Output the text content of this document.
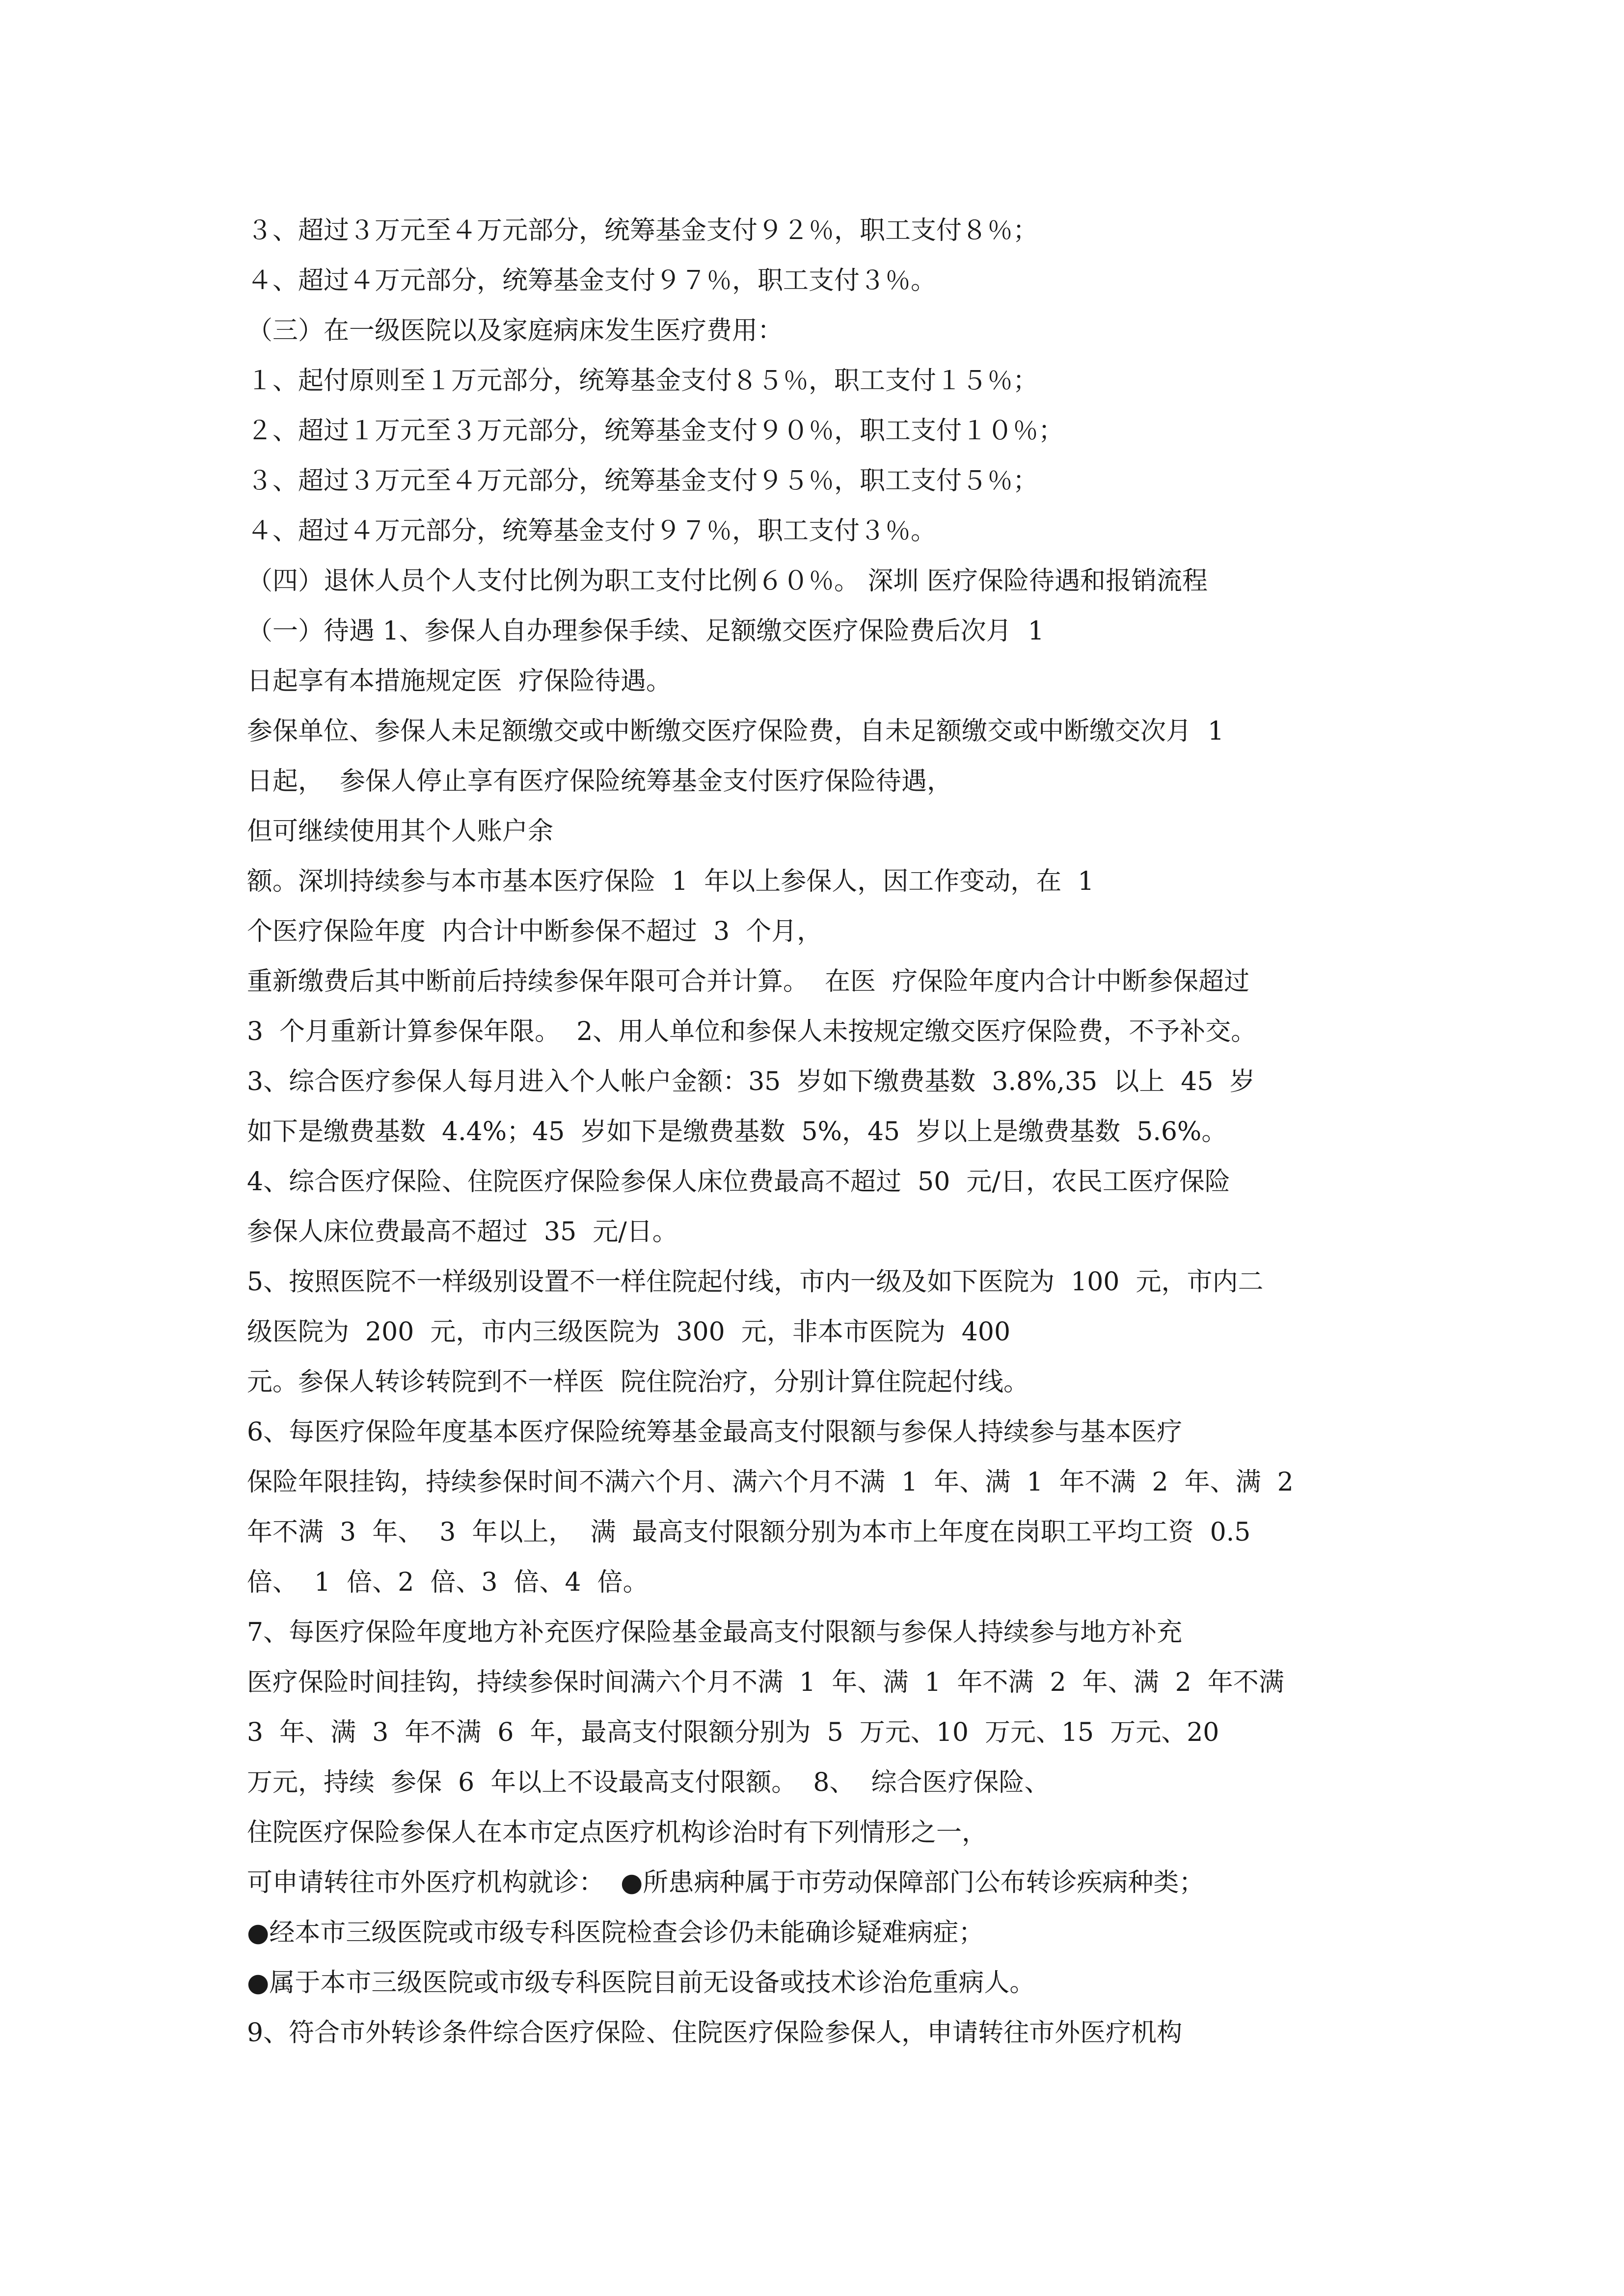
３、超过３万元至４万元部分，统筹基金支付９２％，职工支付８％；
４、超过４万元部分，统筹基金支付９７％，职工支付３％。
（三）在一级医院以及家庭病床发生医疗费用：
１、起付原则至１万元部分，统筹基金支付８５％，职工支付１５％；
２、超过１万元至３万元部分，统筹基金支付９０％，职工支付１０％；
３、超过３万元至４万元部分，统筹基金支付９５％，职工支付５％；
４、超过４万元部分，统筹基金支付９７％，职工支付３％。
（四）退休人员个人支付比例为职工支付比例６０％。 深圳 医疗保险待遇和报销流程
（一）待遇 1、参保人自办理参保手续、足额缴交医疗保险费后次月  1
日起享有本措施规定医  疗保险待遇。
参保单位、参保人未足额缴交或中断缴交医疗保险费，自未足额缴交或中断缴交次月  1
日起，  参保人停止享有医疗保险统筹基金支付医疗保险待遇，
但可继续使用其个人账户余
额。深圳持续参与本市基本医疗保险  1  年以上参保人，因工作变动，在  1
个医疗保险年度  内合计中断参保不超过  3  个月，
重新缴费后其中断前后持续参保年限可合并计算。  在医  疗保险年度内合计中断参保超过
3  个月重新计算参保年限。  2、用人单位和参保人未按规定缴交医疗保险费，不予补交。
3、综合医疗参保人每月进入个人帐户金额：35  岁如下缴费基数  3.8%,35  以上  45  岁
如下是缴费基数  4.4%；45  岁如下是缴费基数  5%，45  岁以上是缴费基数  5.6%。
4、综合医疗保险、住院医疗保险参保人床位费最高不超过  50  元/日，农民工医疗保险
参保人床位费最高不超过  35  元/日。
5、按照医院不一样级别设置不一样住院起付线，市内一级及如下医院为  100  元，市内二
级医院为  200  元，市内三级医院为  300  元，非本市医院为  400
元。参保人转诊转院到不一样医  院住院治疗，分别计算住院起付线。
6、每医疗保险年度基本医疗保险统筹基金最高支付限额与参保人持续参与基本医疗
保险年限挂钩，持续参保时间不满六个月、满六个月不满  1  年、满  1  年不满  2  年、满  2
年不满  3  年、  3  年以上，  满  最高支付限额分别为本市上年度在岗职工平均工资  0.5
倍、  1  倍、2  倍、3  倍、4  倍。
7、每医疗保险年度地方补充医疗保险基金最高支付限额与参保人持续参与地方补充
医疗保险时间挂钩，持续参保时间满六个月不满  1  年、满  1  年不满  2  年、满  2  年不满
3  年、满  3  年不满  6  年，最高支付限额分别为  5  万元、10  万元、15  万元、20
万元，持续  参保  6  年以上不设最高支付限额。  8、  综合医疗保险、
住院医疗保险参保人在本市定点医疗机构诊治时有下列情形之一，
可申请转往市外医疗机构就诊：  ●所患病种属于市劳动保障部门公布转诊疾病种类；
●经本市三级医院或市级专科医院检查会诊仍未能确诊疑难病症；
●属于本市三级医院或市级专科医院目前无设备或技术诊治危重病人。
9、符合市外转诊条件综合医疗保险、住院医疗保险参保人，申请转往市外医疗机构
